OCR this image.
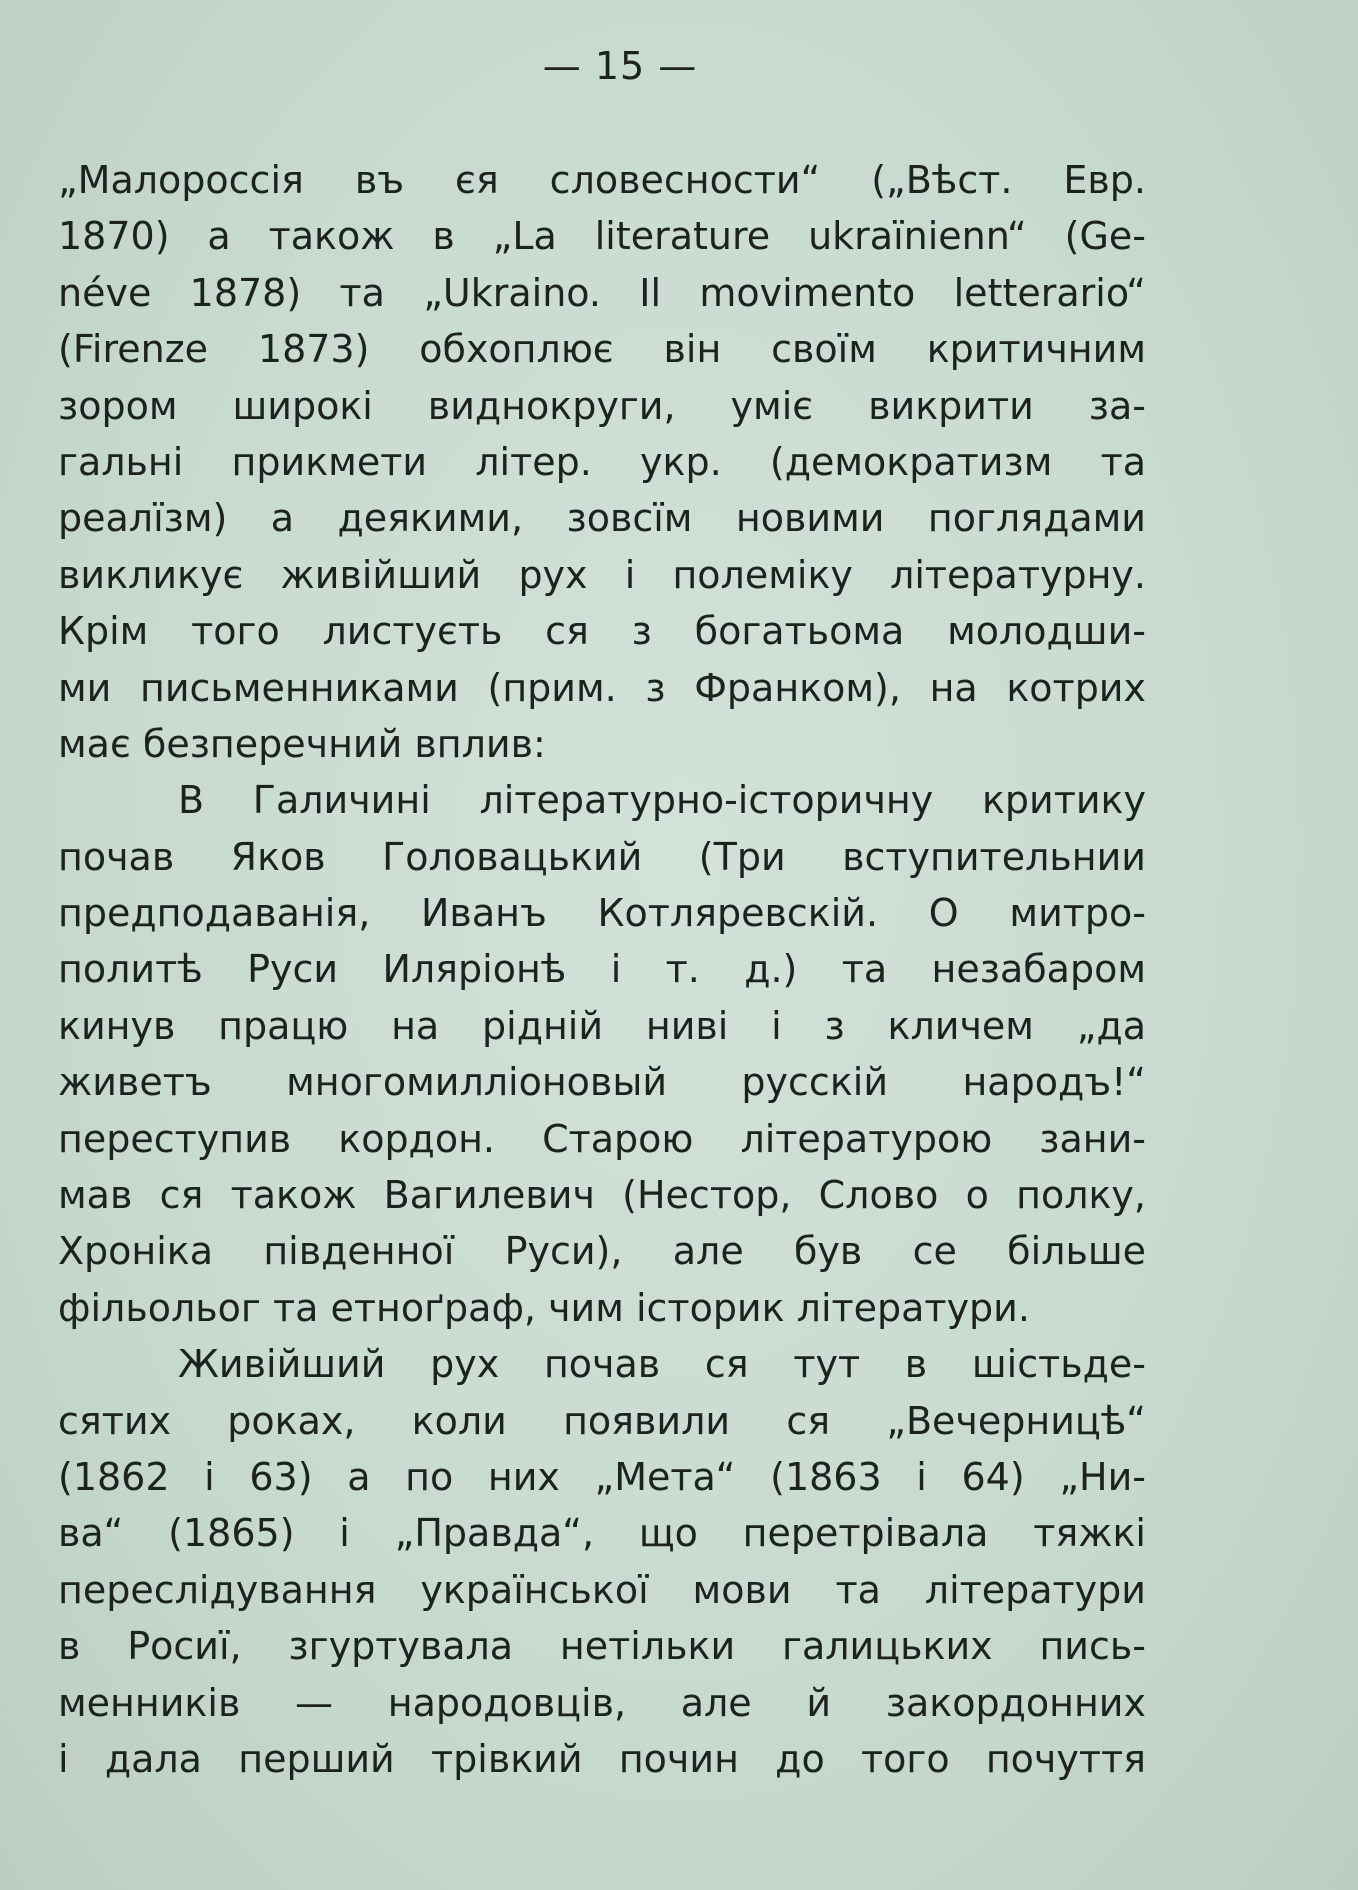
— 15 —
„Малороссія въ єя словесности“ („Вѣст. Евр.
1870) а також в „La literature ukraïnienn“ (Ge-
néve 1878) та „Ukraino. Il movimento letterario“
(Firenze 1873) обхоплює він своїм критичним
зором широкі виднокруги, уміє викрити за-
гальні прикмети літер. укр. (демократизм та
реалїзм) а деякими, зовсїм новими поглядами
викликує живійший рух і полеміку літературну.
Крім того листуєть ся з богатьома молодши-
ми письменниками (прим. з Франком), на котрих
має безперечний вплив:
В Галичині літературно-історичну критику
почав Яков Головацький (Три вступительнии
предподаванія, Иванъ Котляревскій. О митро-
политѣ Руси Иляріонѣ і т. д.) та незабаром
кинув працю на рідній ниві і з кличем „да
живетъ многомиллiоновый русскій народъ!“
переступив кордон. Старою літературою зани-
мав ся також Вагилевич (Нестор, Слово о полку,
Хроніка південної Руси), але був се більше
фільольог та етноґраф, чим історик літератури.
Живійший рух почав ся тут в шістьде-
сятих роках, коли появили ся „Вечерницѣ“
(1862 і 63) а по них „Мета“ (1863 і 64) „Ни-
ва“ (1865) і „Правда“, що перетрівала тяжкі
переслідування української мови та літератури
в Росиї, згуртувала нетільки галицьких пись-
менників — народовців, але й закордонних
і дала перший трівкий почин до того почуття
